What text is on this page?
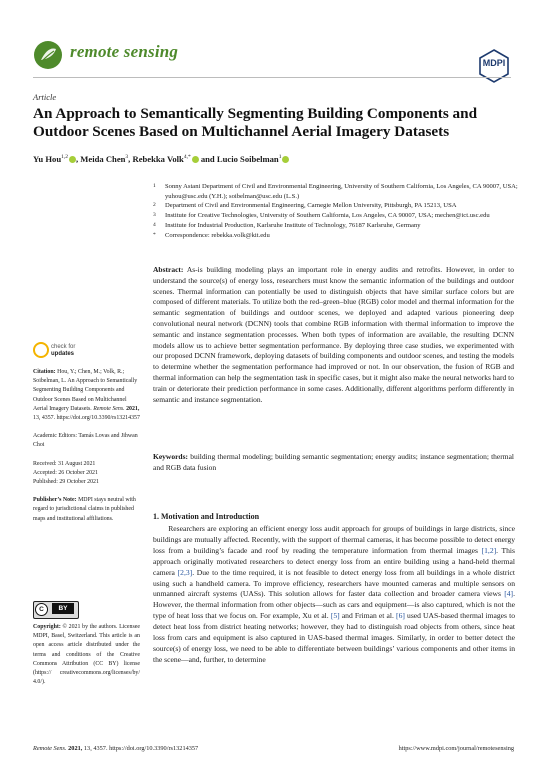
remote sensing
MDPI
Article
An Approach to Semantically Segmenting Building Components and Outdoor Scenes Based on Multichannel Aerial Imagery Datasets
Yu Hou$^{1,2}$ , Meida Chen$^3$, Rebekka Volk$^{4,*}$ and Lucio Soibelman$^1$
1	Sonny Astani Department of Civil and Environmental Engineering, University of Southern California, Los Angeles, CA 90007, USA; yuhou@usc.edu (Y.H.); soibelman@usc.edu (L.S.)
2	Department of Civil and Environmental Engineering, Carnegie Mellon University, Pittsburgh, PA 15213, USA
3	Institute for Creative Technologies, University of Southern California, Los Angeles, CA 90007, USA; mechen@ict.usc.edu
4	Institute for Industrial Production, Karlsruhe Institute of Technology, 76187 Karlsruhe, Germany
*	Correspondence: rebekka.volk@kit.edu
Abstract: As-is building modeling plays an important role in energy audits and retrofits. However, in order to understand the source(s) of energy loss, researchers must know the semantic information of the buildings and outdoor scenes. Thermal information can potentially be used to distinguish objects that have similar surface colors but are composed of different materials. To utilize both the red–green–blue (RGB) color model and thermal information for the semantic segmentation of buildings and outdoor scenes, we deployed and adapted various pioneering deep convolutional neural network (DCNN) tools that combine RGB information with thermal information to improve the semantic and instance segmentation processes. When both types of information are available, the resulting DCNN models allow us to achieve better segmentation performance. By deploying three case studies, we experimented with our proposed DCNN framework, deploying datasets of building components and outdoor scenes, and testing the models to determine whether the segmentation performance had improved or not. In our observation, the fusion of RGB and thermal information can help the segmentation task in specific cases, but it might also make the neural networks hard to train or deteriorate their prediction performance in some cases. Additionally, different algorithms perform differently in semantic and instance segmentation.
Keywords: building thermal modeling; building semantic segmentation; energy audits; instance segmentation; thermal and RGB data fusion
check for
updates

Citation: Hou, Y.; Chen, M.; Volk, R.; Soibelman, L. An Approach to Semantically Segmenting Building Components and Outdoor Scenes Based on Multichannel Aerial Imagery Datasets. Remote Sens. 2021, 13, 4357. https://doi.org/10.3390/rs13214357

Academic Editors: Tamás Lovas and Jihwan Choi

Received: 31 August 2021
Accepted: 26 October 2021
Published: 29 October 2021

Publisher’s Note: MDPI stays neutral with regard to jurisdictional claims in published maps and institutional affiliations.

C	BY
Copyright: © 2021 by the authors. Licensee MDPI, Basel, Switzerland. This article is an open access article distributed under the terms and conditions of the Creative Commons Attribution (CC BY) license (https:// creativecommons.org/licenses/by/ 4.0/).
1. Motivation and Introduction
  Researchers are exploring an efficient energy loss audit approach for groups of buildings in large districts, since buildings are mutually affected. Recently, with the support of thermal cameras, it has become possible to detect energy loss from a building’s facade and roof by reading the temperature information from thermal images [1,2]. This approach originally motivated researchers to detect energy loss from an entire building using a hand-held thermal camera [2,3]. Due to the time required, it is not feasible to detect energy loss from all buildings in a whole district using such a handheld camera. To improve efficiency, researchers have mounted cameras and multiple sensors on unmanned aircraft systems (UASs). This solution allows for faster data collection and broader camera views [4]. However, the thermal information from other objects—such as cars and equipment—is also captured, which is not the type of heat loss that we focus on. For example, Xu et al. [5] and Friman et al. [6] used UAS-based thermal images to detect heat loss from district heating networks; however, they had to distinguish road objects from others, since heat loss from cars and equipment is also captured in UAS-based thermal images. Similarly, in order to better detect the source(s) of energy loss, we need to be able to differentiate between buildings’ various components and other items in the scene—and, further, to determine
Remote Sens. 2021, 13, 4357. https://doi.org/10.3390/rs13214357	https://www.mdpi.com/journal/remotesensing
